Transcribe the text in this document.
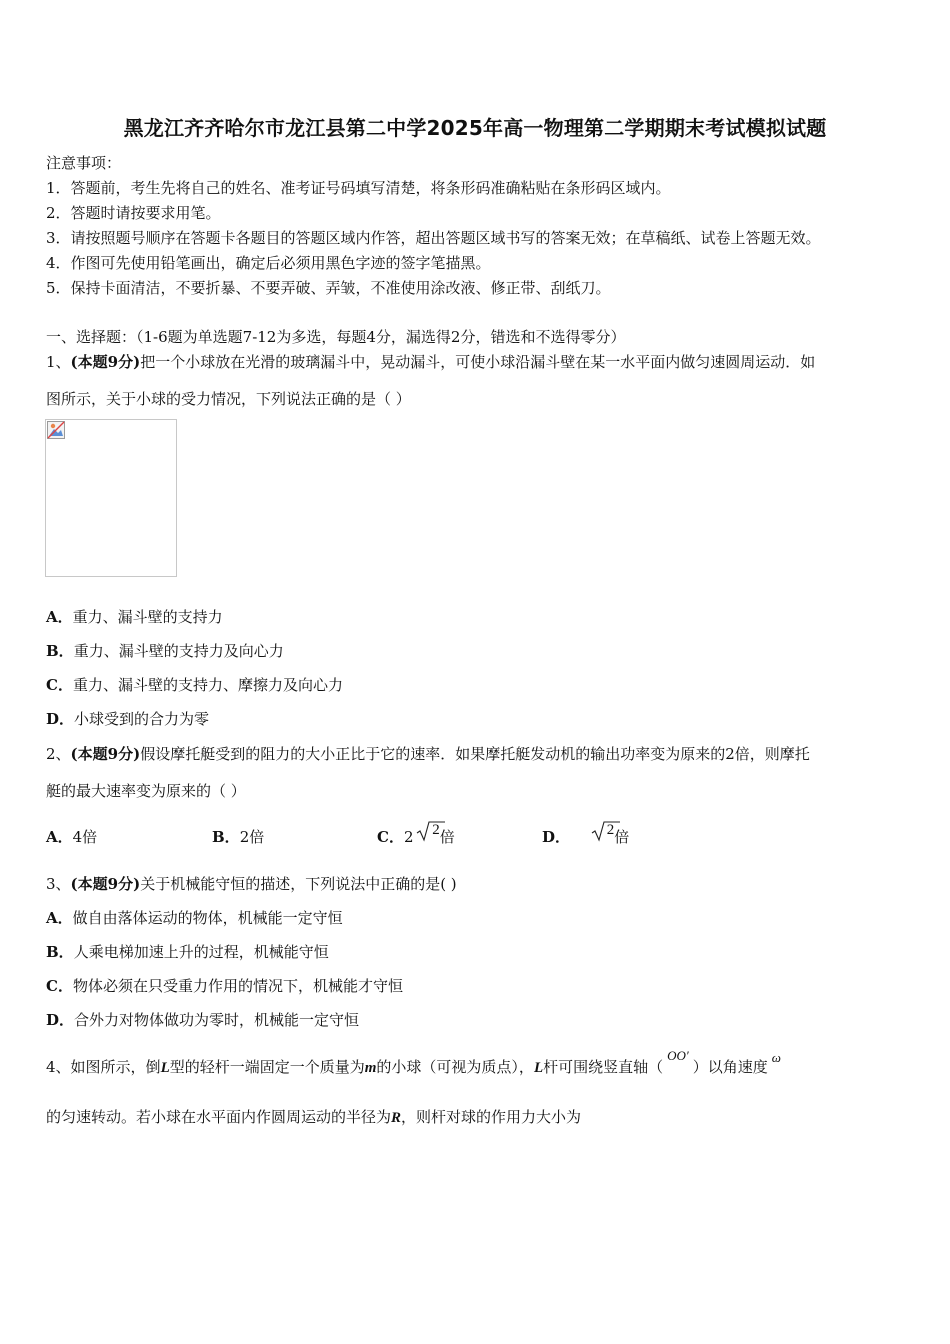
黑龙江齐齐哈尔市龙江县第二中学2025年高一物理第二学期期末考试模拟试题
注意事项：
1．答题前，考生先将自己的姓名、准考证号码填写清楚，将条形码准确粘贴在条形码区域内。
2．答题时请按要求用笔。
3．请按照题号顺序在答题卡各题目的答题区域内作答，超出答题区域书写的答案无效；在草稿纸、试卷上答题无效。
4．作图可先使用铅笔画出，确定后必须用黑色字迹的签字笔描黑。
5．保持卡面清洁，不要折暴、不要弄破、弄皱，不准使用涂改液、修正带、刮纸刀。
一、选择题：（1-6题为单选题7-12为多选，每题4分，漏选得2分，错选和不选得零分）
1、(本题9分)把一个小球放在光滑的玻璃漏斗中，晃动漏斗，可使小球沿漏斗壁在某一水平面内做匀速圆周运动．如
图所示，关于小球的受力情况，下列说法正确的是（ ）
A．重力、漏斗壁的支持力
B．重力、漏斗壁的支持力及向心力
C．重力、漏斗壁的支持力、摩擦力及向心力
D．小球受到的合力为零
2、(本题9分)假设摩托艇受到的阻力的大小正比于它的速率．如果摩托艇发动机的输出功率变为原来的2倍，则摩托
艇的最大速率变为原来的（ ）
A．4倍	B．2倍	C．2 2倍	D． 2倍
3、(本题9分)关于机械能守恒的描述，下列说法中正确的是( )
A．做自由落体运动的物体，机械能一定守恒
B．人乘电梯加速上升的过程，机械能守恒
C．物体必须在只受重力作用的情况下，机械能才守恒
D．合外力对物体做功为零时，机械能一定守恒
4、如图所示，倒L型的轻杆一端固定一个质量为m的小球（可视为质点），L杆可围绕竖直轴（OO′）以角速度ω
的匀速转动。若小球在水平面内作圆周运动的半径为R，则杆对球的作用力大小为
